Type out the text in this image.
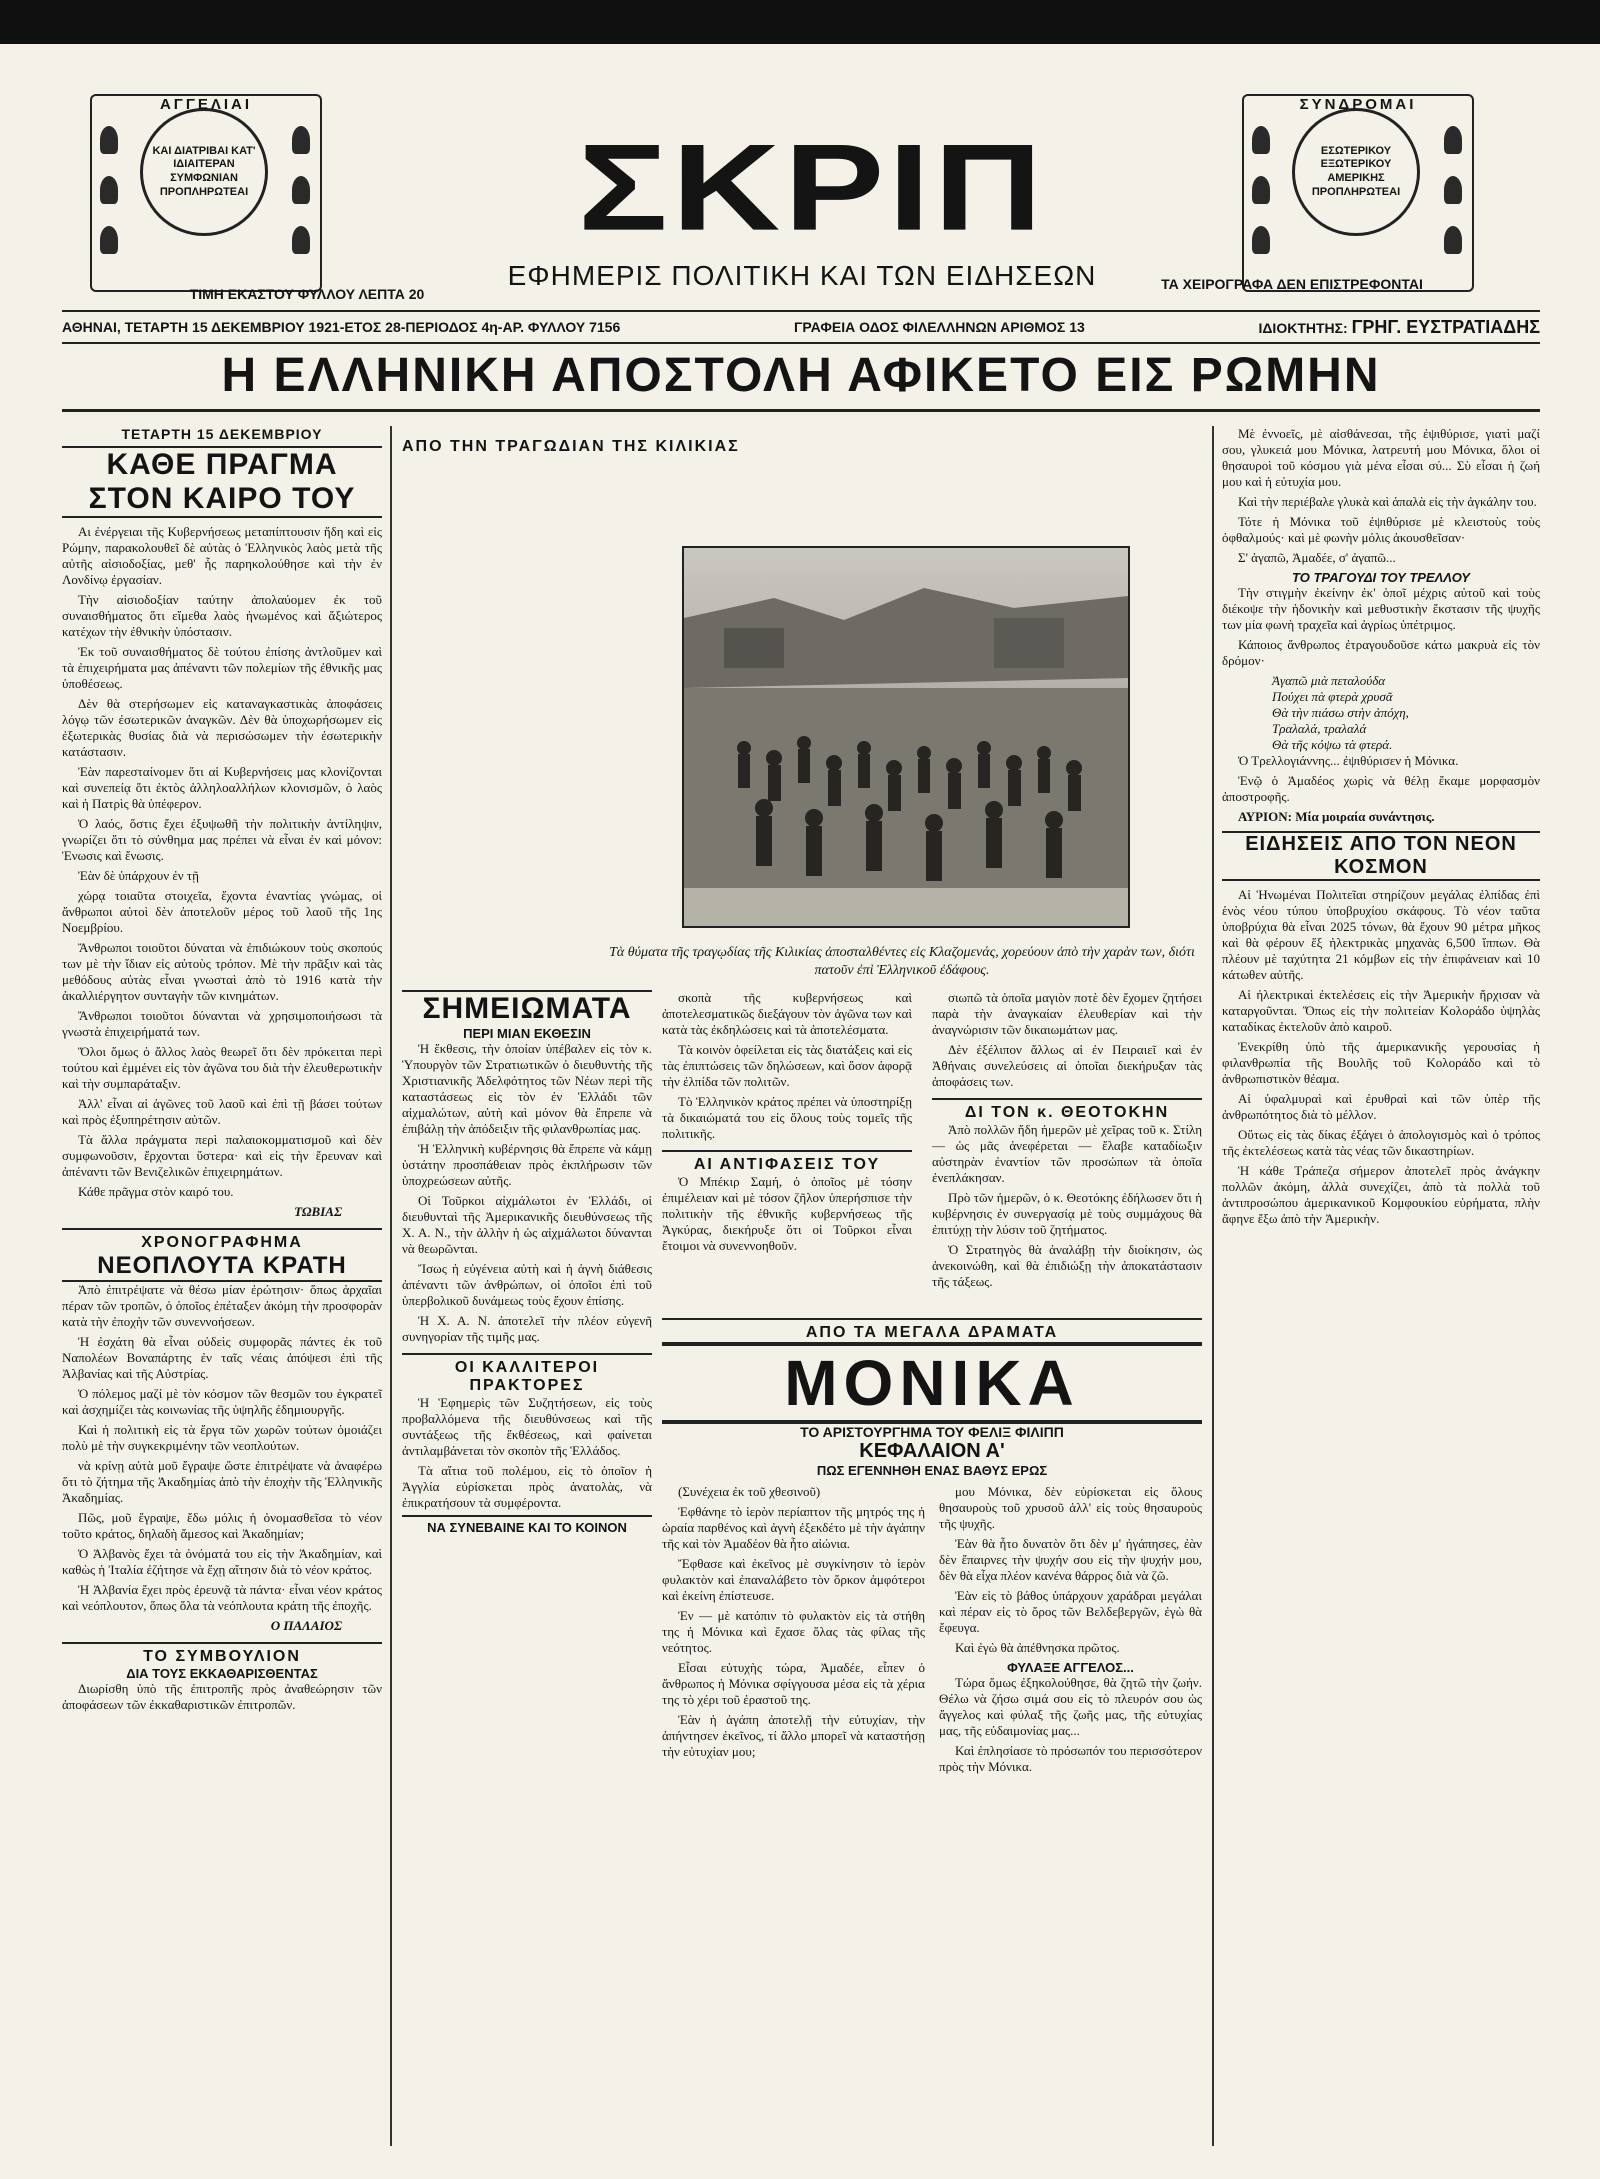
ΚΑΙ ΔΙΑΤΡΙΒΑΙ ΚΑΤ' ΙΔΙΑΙΤΕΡΑΝ ΣΥΜΦΩΝΙΑΝ ΠΡΟΠΛΗΡΩΤΕΑΙ
ΑΓΓΕΛΙΑΙ
ΕΣΩΤΕΡΙΚΟΥ ΕΞΩΤΕΡΙΚΟΥ ΑΜΕΡΙΚΗΣ ΠΡΟΠΛΗΡΩΤΕΑΙ
ΣΥΝΔΡΟΜΑΙ
ΣΚΡΙΠ
ΕΦΗΜΕΡΙΣ ΠΟΛΙΤΙΚΗ ΚΑΙ ΤΩΝ ΕΙΔΗΣΕΩΝ
ΤΙΜΗ ΕΚΑΣΤΟΥ ΦΥΛΛΟΥ ΛΕΠΤΑ 20
ΤΑ ΧΕΙΡΟΓΡΑΦΑ ΔΕΝ ΕΠΙΣΤΡΕΦΟΝΤΑΙ
ΑΘΗΝΑΙ, ΤΕΤΑΡΤΗ 15 ΔΕΚΕΜΒΡΙΟΥ 1921-ΕΤΟΣ 28-ΠΕΡΙΟΔΟΣ 4η-ΑΡ. ΦΥΛΛΟΥ 7156	ΓΡΑΦΕΙΑ ΟΔΟΣ ΦΙΛΕΛΛΗΝΩΝ ΑΡΙΘΜΟΣ 13	ΙΔΙΟΚΤΗΤΗΣ: ΓΡΗΓ. ΕΥΣΤΡΑΤΙΑΔΗΣ
Η ΕΛΛΗΝΙΚΗ ΑΠΟΣΤΟΛΗ ΑΦΙΚΕΤΟ ΕΙΣ ΡΩΜΗΝ
ΤΕΤΑΡΤΗ 15 ΔΕΚΕΜΒΡΙΟΥ
ΚΑΘΕ ΠΡΑΓΜΑ ΣΤΟΝ ΚΑΙΡΟ ΤΟΥ

Αι ἐνέργειαι τῆς Κυβερνήσεως μεταπίπτουσιν ἤδη καὶ εἰς Ρώμην, παρακολουθεῖ δὲ αὐτὰς ὁ Ἑλληνικὸς λαὸς μετὰ τῆς αὐτῆς αἰσιοδοξίας, μεθ' ἧς παρηκολούθησε καὶ τὴν ἐν Λονδίνῳ ἐργασίαν.

Τὴν αἰσιοδοξίαν ταύτην ἀπολαύομεν ἐκ τοῦ συναισθήματος ὅτι εἴμεθα λαὸς ἡνωμένος καὶ ἄξιώτερος κατέχων τὴν ἐθνικὴν ὑπόστασιν.

Ἐκ τοῦ συναισθήματος δὲ τούτου ἐπίσης ἀντλοῦμεν καὶ τὰ ἐπιχειρήματα μας ἀπέναντι τῶν πολεμίων τῆς ἐθνικῆς μας ὑποθέσεως.

Δὲν θὰ στερήσωμεν εἰς καταναγκαστικὰς ἀποφάσεις λόγῳ τῶν ἐσωτερικῶν ἀναγκῶν. Δὲν θὰ ὑποχωρήσωμεν εἰς ἐξωτερικὰς θυσίας διὰ νὰ περισώσωμεν τὴν ἐσωτερικὴν κατάστασιν.

Ἐὰν παρεσταίνομεν ὅτι αἱ Κυβερνήσεις μας κλονίζονται καὶ συνεπείᾳ ὅτι ἐκτὸς ἀλληλοαλλήλων κλονισμῶν, ὁ λαὸς καὶ ἡ Πατρὶς θὰ ὑπέφερον.

Ὁ λαός, ὅστις ἔχει ἐξυψωθῆ τὴν πολιτικὴν ἀντίληψιν, γνωρίζει ὅτι τὸ σύνθημα μας πρέπει νὰ εἶναι ἐν καὶ μόνον: Ἑνωσις καὶ ἔνωσις.

Ἐὰν δὲ ὑπάρχουν ἐν τῇ

χώρᾳ τοιαῦτα στοιχεῖα, ἔχοντα ἐναντίας γνώμας, οἱ ἄνθρωποι αὐτοὶ δὲν ἀποτελοῦν μέρος τοῦ λαοῦ τῆς 1ης Νοεμβρίου.

Ἄνθρωποι τοιοῦτοι δύναται νὰ ἐπιδιώκουν τοὺς σκοπούς των μὲ τὴν ἴδιαν εἰς αὐτοὺς τρόπον. Μὲ τὴν πρᾶξιν καὶ τὰς μεθόδους αὐτὰς εἶναι γνωσταὶ ἀπὸ τὸ 1916 κατὰ τὴν ἀκαλλιέργητον συνταγὴν τῶν κινημάτων.

Ἄνθρωποι τοιοῦτοι δύνανται νὰ χρησιμοποιήσωσι τὰ γνωστὰ ἐπιχειρήματά των.

Ὅλοι ὅμως ὁ ἄλλος λαὸς θεωρεῖ ὅτι δὲν πρόκειται περὶ τούτου καὶ ἐμμένει εἰς τὸν ἀγῶνα του διὰ τὴν ἐλευθερωτικὴν καὶ τὴν συμπαράταξιν.

Ἀλλ' εἶναι αἱ ἀγῶνες τοῦ λαοῦ καὶ ἐπὶ τῇ βάσει τούτων καὶ πρὸς ἐξυπηρέτησιν αὐτῶν.

Τὰ ἄλλα πράγματα περὶ παλαιοκομματισμοῦ καὶ δὲν συμφωνοῦσιν, ἔρχονται ὕστερα· καὶ εἰς τὴν ἔρευναν καὶ ἀπέναντι τῶν Βενιζελικῶν ἐπιχειρημάτων.

Κάθε πρᾶγμα στὸν καιρό του.

ΤΩΒΙΑΣ
ΧΡΟΝΟΓΡΑΦΗΜΑ
ΝΕΟΠΛΟΥΤΑ ΚΡΑΤΗ

Ἀπὸ ἐπιτρέψατε νὰ θέσω μίαν ἐρώτησιν· ὅπως ἀρχαῖαι πέραν τῶν τροπῶν, ὁ ὁποῖος ἐπέταξεν ἀκόμη τὴν προσφορὰν κατὰ τὴν ἐποχὴν τῶν συνεννοήσεων.

Ἡ ἐσχάτη θὰ εἶναι οὐδεὶς συμφορᾶς πάντες ἐκ τοῦ Ναπολέων Βοναπάρτης ἐν ταῖς νέαις ἀπόψεσι ἐπὶ τῆς Ἀλβανίας καὶ τῆς Αὐστρίας.

Ὁ πόλεμος μαζί μὲ τὸν κόσμον τῶν θεσμῶν του ἐγκρατεῖ καὶ ἀσχημίζει τὰς κοινωνίας τῆς ὑψηλῆς ἐδημιουργῆς.

Καὶ ἡ πολιτικὴ εἰς τὰ ἔργα τῶν χωρῶν τούτων ὁμοιάζει πολὺ μὲ τὴν συγκεκριμένην τῶν νεοπλούτων.

νὰ κρίνῃ αὐτὰ μοῦ ἔγραψε ὥστε ἐπιτρέψατε νὰ ἀναφέρω ὅτι τὸ ζήτημα τῆς Ἀκαδημίας ἀπὸ τὴν ἐποχὴν τῆς Ἑλληνικῆς Ἀκαδημίας.

Πῶς, μοῦ ἔγραψε, ἔδω μόλις ἡ ὀνομασθεῖσα τὸ νέον τοῦτο κράτος, δηλαδὴ ἄμεσος καὶ Ἀκαδημίαν;

Ὁ Ἀλβανὸς ἔχει τὰ ὀνόματά του εἰς τὴν Ἀκαδημίαν, καὶ καθὼς ἡ Ἰταλία ἐζήτησε νὰ ἔχῃ αἴτησιν διὰ τὸ νέον κράτος.

Ἡ Ἀλβανία ἔχει πρὸς ἐρευνᾷ τὰ πάντα· εἶναι νέον κράτος καὶ νεόπλουτον, ὅπως ὅλα τὰ νεόπλουτα κράτη τῆς ἐποχῆς.

Ο ΠΑΛΑΙΟΣ
ΤΟ ΣΥΜΒΟΥΛΙΟΝ
ΔΙΑ ΤΟΥΣ ΕΚΚΑΘΑΡΙΣΘΕΝΤΑΣ

Διωρίσθη ὑπὸ τῆς ἐπιτροπῆς πρὸς ἀναθεώρησιν τῶν ἀποφάσεων τῶν ἐκκαθαριστικῶν ἐπιτροπῶν.

ΑΠΟ ΤΗΝ ΤΡΑΓΩΔΙΑΝ ΤΗΣ ΚΙΛΙΚΙΑΣ
Τὰ θύματα τῆς τραγῳδίας τῆς Κιλικίας ἀποσταλθέντες εἰς Κλαζομενάς, χορεύουν ἀπὸ τὴν χαρὰν των, διότι πατοῦν ἐπὶ Ἑλληνικοῦ ἐδάφους.
ΣΗΜΕΙΩΜΑΤΑ
ΠΕΡΙ ΜΙΑΝ ΕΚΘΕΣΙΝ

Ἡ ἔκθεσις, τὴν ὁποίαν ὑπέβαλεν εἰς τὸν κ. Ὑπουργὸν τῶν Στρατιωτικῶν ὁ διευθυντὴς τῆς Χριστιανικῆς Ἀδελφότητος τῶν Νέων περὶ τῆς καταστάσεως εἰς τὸν ἐν Ἑλλάδι τῶν αἰχμαλώτων, αὐτὴ καὶ μόνον θὰ ἔπρεπε νὰ ἐπιβάλῃ τὴν ἀπόδειξιν τῆς φιλανθρωπίας μας.

Ἡ Ἑλληνικὴ κυβέρνησις θὰ ἔπρεπε νὰ κάμῃ ὑστάτην προσπάθειαν πρὸς ἐκπλήρωσιν τῶν ὑποχρεώσεων αὐτῆς.

Οἱ Τοῦρκοι αἰχμάλωτοι ἐν Ἑλλάδι, οἱ διευθυνταὶ τῆς Ἀμερικανικῆς διευθύνσεως τῆς Χ. Α. Ν., τὴν ἀλλὴν ἡ ὡς αἰχμάλωτοι δύνανται νὰ θεωρῶνται.

Ἴσως ἡ εὐγένεια αὐτὴ καὶ ἡ ἁγνὴ διάθεσις ἀπέναντι τῶν ἀνθρώπων, οἱ ὁποῖοι ἐπὶ τοῦ ὑπερβολικοῦ δυνάμεως τοὺς ἔχουν ἐπίσης.

Ἡ Χ. Α. Ν. ἀποτελεῖ τὴν πλέον εὐγενῆ συνηγορίαν τῆς τιμῆς μας.

ΟΙ ΚΑΛΛΙΤΕΡΟΙ ΠΡΑΚΤΟΡΕΣ

Ἡ Ἑφημερὶς τῶν Συζητήσεων, εἰς τοὺς προβαλλόμενα τῆς διευθύνσεως καὶ τῆς συντάξεως τῆς ἔκθέσεως, καὶ φαίνεται ἀντιλαμβάνεται τὸν σκοπὸν τῆς Ἑλλάδος.

Τὰ αἴτια τοῦ πολέμου, εἰς τὸ ὁποῖον ἡ Ἀγγλία εὑρίσκεται πρὸς ἀνατολὰς, νὰ ἐπικρατήσουν τὰ συμφέροντα.

ΝΑ ΣΥΝΕΒΑΙΝΕ ΚΑΙ ΤΟ ΚΟΙΝΟΝ

σκοπὰ τῆς κυβερνήσεως καὶ ἀποτελεσματικῶς διεξάγουν τὸν ἀγῶνα των καὶ κατὰ τὰς ἐκδηλώσεις καὶ τὰ ἀποτελέσματα.

Τὰ κοινὸν ὀφείλεται εἰς τὰς διατάξεις καὶ εἰς τὰς ἐπιπτώσεις τῶν δηλώσεων, καὶ ὅσον ἀφορᾷ τὴν ἐλπίδα τῶν πολιτῶν.

Τὸ Ἑλληνικὸν κράτος πρέπει νὰ ὑποστηρίξῃ τὰ δικαιώματά του εἰς ὅλους τοὺς τομεῖς τῆς πολιτικῆς.

ΑΙ ΑΝΤΙΦΑΣΕΙΣ ΤΟΥ

Ὁ Μπέκιρ Σαμή, ὁ ὁποῖος μὲ τόσην ἐπιμέλειαν καὶ μὲ τόσον ζῆλον ὑπερήσπισε τὴν πολιτικὴν τῆς ἐθνικῆς κυβερνήσεως τῆς Ἀγκύρας, διεκήρυξε ὅτι οἱ Τοῦρκοι εἶναι ἔτοιμοι νὰ συνεννοηθοῦν.

σιωπῶ τὰ ὁποῖα μαγιὸν ποτὲ δὲν ἔχομεν ζητήσει παρὰ τὴν ἀναγκαίαν ἐλευθερίαν καὶ τὴν ἀναγνώρισιν τῶν δικαιωμάτων μας.

Δὲν ἐξέλιπον ἄλλως αἱ ἐν Πειραιεῖ καὶ ἐν Ἀθήναις συνελεύσεις αἱ ὁποῖαι διεκήρυξαν τὰς ἀποφάσεις των.

ΔΙ ΤΟΝ κ. ΘΕΟΤΟΚΗΝ

Ἀπὸ πολλῶν ἤδη ἡμερῶν μὲ χεῖρας τοῦ κ. Στίλη — ὡς μᾶς ἀνεφέρεται — ἔλαβε καταδίωξιν αὐστηρὰν ἐναντίον τῶν προσώπων τὰ ὁποῖα ἐνεπλάκησαν.

Πρὸ τῶν ἡμερῶν, ὁ κ. Θεοτόκης ἐδήλωσεν ὅτι ἡ κυβέρνησις ἐν συνεργασίᾳ μὲ τοὺς συμμάχους θὰ ἐπιτύχῃ τὴν λύσιν τοῦ ζητήματος.

Ὁ Στρατηγὸς θὰ ἀναλάβῃ τὴν διοίκησιν, ὡς ἀνεκοινώθη, καὶ θὰ ἐπιδιώξῃ τὴν ἀποκατάστασιν τῆς τάξεως.

ΑΠΟ ΤΑ ΜΕΓΑΛΑ ΔΡΑΜΑΤΑ
ΜΟΝΙΚΑ
ΤΟ ΑΡΙΣΤΟΥΡΓΗΜΑ ΤΟΥ ΦΕΛΙΞ ΦΙΛΙΠΠ
ΚΕΦΑΛΑΙΟΝ Α'
ΠΩΣ ΕΓΕΝΝΗΘΗ ΕΝΑΣ ΒΑΘΥΣ ΕΡΩΣ

(Συνέχεια ἐκ τοῦ χθεσινοῦ)

Ἐφθάνηε τὸ ἱερὸν περίαπτον τῆς μητρός της ἡ ὡραία παρθένος καὶ ἀγνὴ ἐξεκδέτο μὲ τὴν ἀγάπην τῆς καὶ τὸν Ἀμαδέον θὰ ἦτο αἰώνια.

Ἔφθασε καὶ ἐκεῖνος μὲ συγκίνησιν τὸ ἱερὸν φυλακτὸν καὶ ἐπαναλάβετο τὸν ὅρκον ἀμφότεροι καὶ ἐκείνη ἐπίστευσε.

Ἐν — μὲ κατόπιν τὸ φυλακτὸν εἰς τὰ στήθη της ἡ Μόνικα καὶ ἔχασε ὅλας τὰς φίλας τῆς νεότητος.

Εἶσαι εὐτυχὴς τώρα, Ἀμαδέε, εἶπεν ὁ ἄνθρωπος ἡ Μόνικα σφίγγουσα μέσα εἰς τὰ χέρια της τὸ χέρι τοῦ ἐραστοῦ της.

Ἐὰν ἡ ἀγάπη ἀποτελῇ τὴν εὐτυχίαν, τὴν ἀπήντησεν ἐκεῖνος, τί ἄλλο μπορεῖ νὰ καταστήσῃ τὴν εὐτυχίαν μου;

μου Μόνικα, δὲν εὑρίσκεται εἰς ὅλους θησαυροὺς τοῦ χρυσοῦ ἀλλ' εἰς τοὺς θησαυροὺς τῆς ψυχῆς.

Ἐὰν θὰ ἦτο δυνατὸν ὅτι δὲν μ' ἠγάπησες, ἐὰν δὲν ἔπαιρνες τὴν ψυχήν σου εἰς τὴν ψυχήν μου, δὲν θὰ εἶχα πλέον κανένα θάρρος διὰ νὰ ζῶ.

Ἐὰν εἰς τὸ βάθος ὑπάρχουν χαράδραι μεγάλαι καὶ πέραν εἰς τὸ ὄρος τῶν Βελδεβεργῶν, ἐγὼ θὰ ἔφευγα.

Καὶ ἐγὼ θὰ ἀπέθνησκα πρῶτος.

ΦΥΛΑΞΕ ΑΓΓΕΛΟΣ...

Τώρα ὅμως ἐξηκολούθησε, θὰ ζητῶ τὴν ζωήν. Θέλω νὰ ζήσω σιμά σου εἰς τὸ πλευρόν σου ὡς ἄγγελος καὶ φύλαξ τῆς ζωῆς μας, τῆς εὐτυχίας μας, τῆς εὐδαιμονίας μας...

Καὶ ἐπλησίασε τὸ πρόσωπόν του περισσότερον πρὸς τὴν Μόνικα.

Μὲ ἐννοεῖς, μὲ αἰσθάνεσαι, τῆς ἐψιθύρισε, γιατὶ μαζί σου, γλυκειά μου Μόνικα, λατρευτή μου Μόνικα, ὅλοι οἱ θησαυροὶ τοῦ κόσμου γιὰ μένα εἶσαι σύ... Σὺ εἶσαι ἡ ζωή μου καὶ ἡ εὐτυχία μου.

Καὶ τὴν περιέβαλε γλυκὰ καὶ ἁπαλὰ εἰς τὴν ἀγκάλην του.

Τότε ἡ Μόνικα τοῦ ἐψιθύρισε μὲ κλειστοὺς τοὺς ὀφθαλμούς· καὶ μὲ φωνὴν μόλις ἀκουσθεῖσαν·

Σ' ἀγαπῶ, Ἀμαδέε, σ' ἀγαπῶ...

ΤΟ ΤΡΑΓΟΥΔΙ ΤΟΥ ΤΡΕΛΛΟΥ

Τὴν στιγμὴν ἐκείνην ἐκ' ὁποῖ μέχρις αὐτοῦ καὶ τοὺς διέκοψε τὴν ἡδονικὴν καὶ μεθυστικὴν ἔκστασιν τῆς ψυχῆς των μία φωνὴ τραχεῖα καὶ ἀγρίως ὑπέτριμος.

Κάποιος ἄνθρωπος ἐτραγουδοῦσε κάτω μακρυὰ εἰς τὸν δρόμον·

Ἀγαπῶ μιὰ πεταλούδα
Πούχει πὰ φτερὰ χρυσᾶ
Θὰ τὴν πιάσω στὴν ἀπόχη,
Τραλαλά, τραλαλά
Θὰ τῆς κόψω τὰ φτερά.

Ὁ Τρελλογιάννης... ἐψιθύρισεν ἡ Μόνικα.

Ἐνῷ ὁ Ἀμαδέος χωρὶς νὰ θέλῃ ἔκαμε μορφασμὸν ἀποστροφῆς.

ΑΥΡΙΟΝ: Μία μοιραία συνάντησις.

ΕΙΔΗΣΕΙΣ ΑΠΟ ΤΟΝ ΝΕΟΝ ΚΟΣΜΟΝ

Αἱ Ἡνωμέναι Πολιτεῖαι στηρίζουν μεγάλας ἐλπίδας ἐπὶ ἑνὸς νέου τύπου ὑποβρυχίου σκάφους. Τὸ νέον ταῦτα ὑποβρύχια θὰ εἶναι 2025 τόνων, θὰ ἔχουν 90 μέτρα μῆκος καὶ θὰ φέρουν ἕξ ἠλεκτρικὰς μηχανὰς 6,500 ἵππων. Θὰ πλέουν μὲ ταχύτητα 21 κόμβων εἰς τὴν ἐπιφάνειαν καὶ 10 κάτωθεν αὐτῆς.

Αἱ ἠλεκτρικαὶ ἐκτελέσεις εἰς τὴν Ἀμερικὴν ἤρχισαν νὰ καταργοῦνται. Ὅπως εἰς τὴν πολιτείαν Κολοράδο ὑψηλὰς καταδίκας ἐκτελοῦν ἀπὸ καιροῦ.

Ἐνεκρίθη ὑπὸ τῆς ἀμερικανικῆς γερουσίας ἡ φιλανθρωπία τῆς Βουλῆς τοῦ Κολοράδο καὶ τὸ ἀνθρωπιστικὸν θέαμα.

Αἱ ὑφαλμυραὶ καὶ ἐρυθραὶ καὶ τῶν ὑπὲρ τῆς ἀνθρωπότητος διὰ τὸ μέλλον.

Οὕτως εἰς τὰς δίκας ἐξάγει ὁ ἀπολογισμὸς καὶ ὁ τρόπος τῆς ἐκτελέσεως κατὰ τὰς νέας τῶν δικαστηρίων.

Ἡ κάθε Τράπεζα σήμερον ἀποτελεῖ πρὸς ἀνάγκην πολλῶν ἀκόμη, ἀλλὰ συνεχίζει, ἀπὸ τὰ πολλὰ τοῦ ἀντιπροσώπου ἀμερικανικοῦ Κομφουκίου εὑρήματα, πλὴν ἄφηνε ἔξω ἀπὸ τὴν Ἀμερικὴν.
